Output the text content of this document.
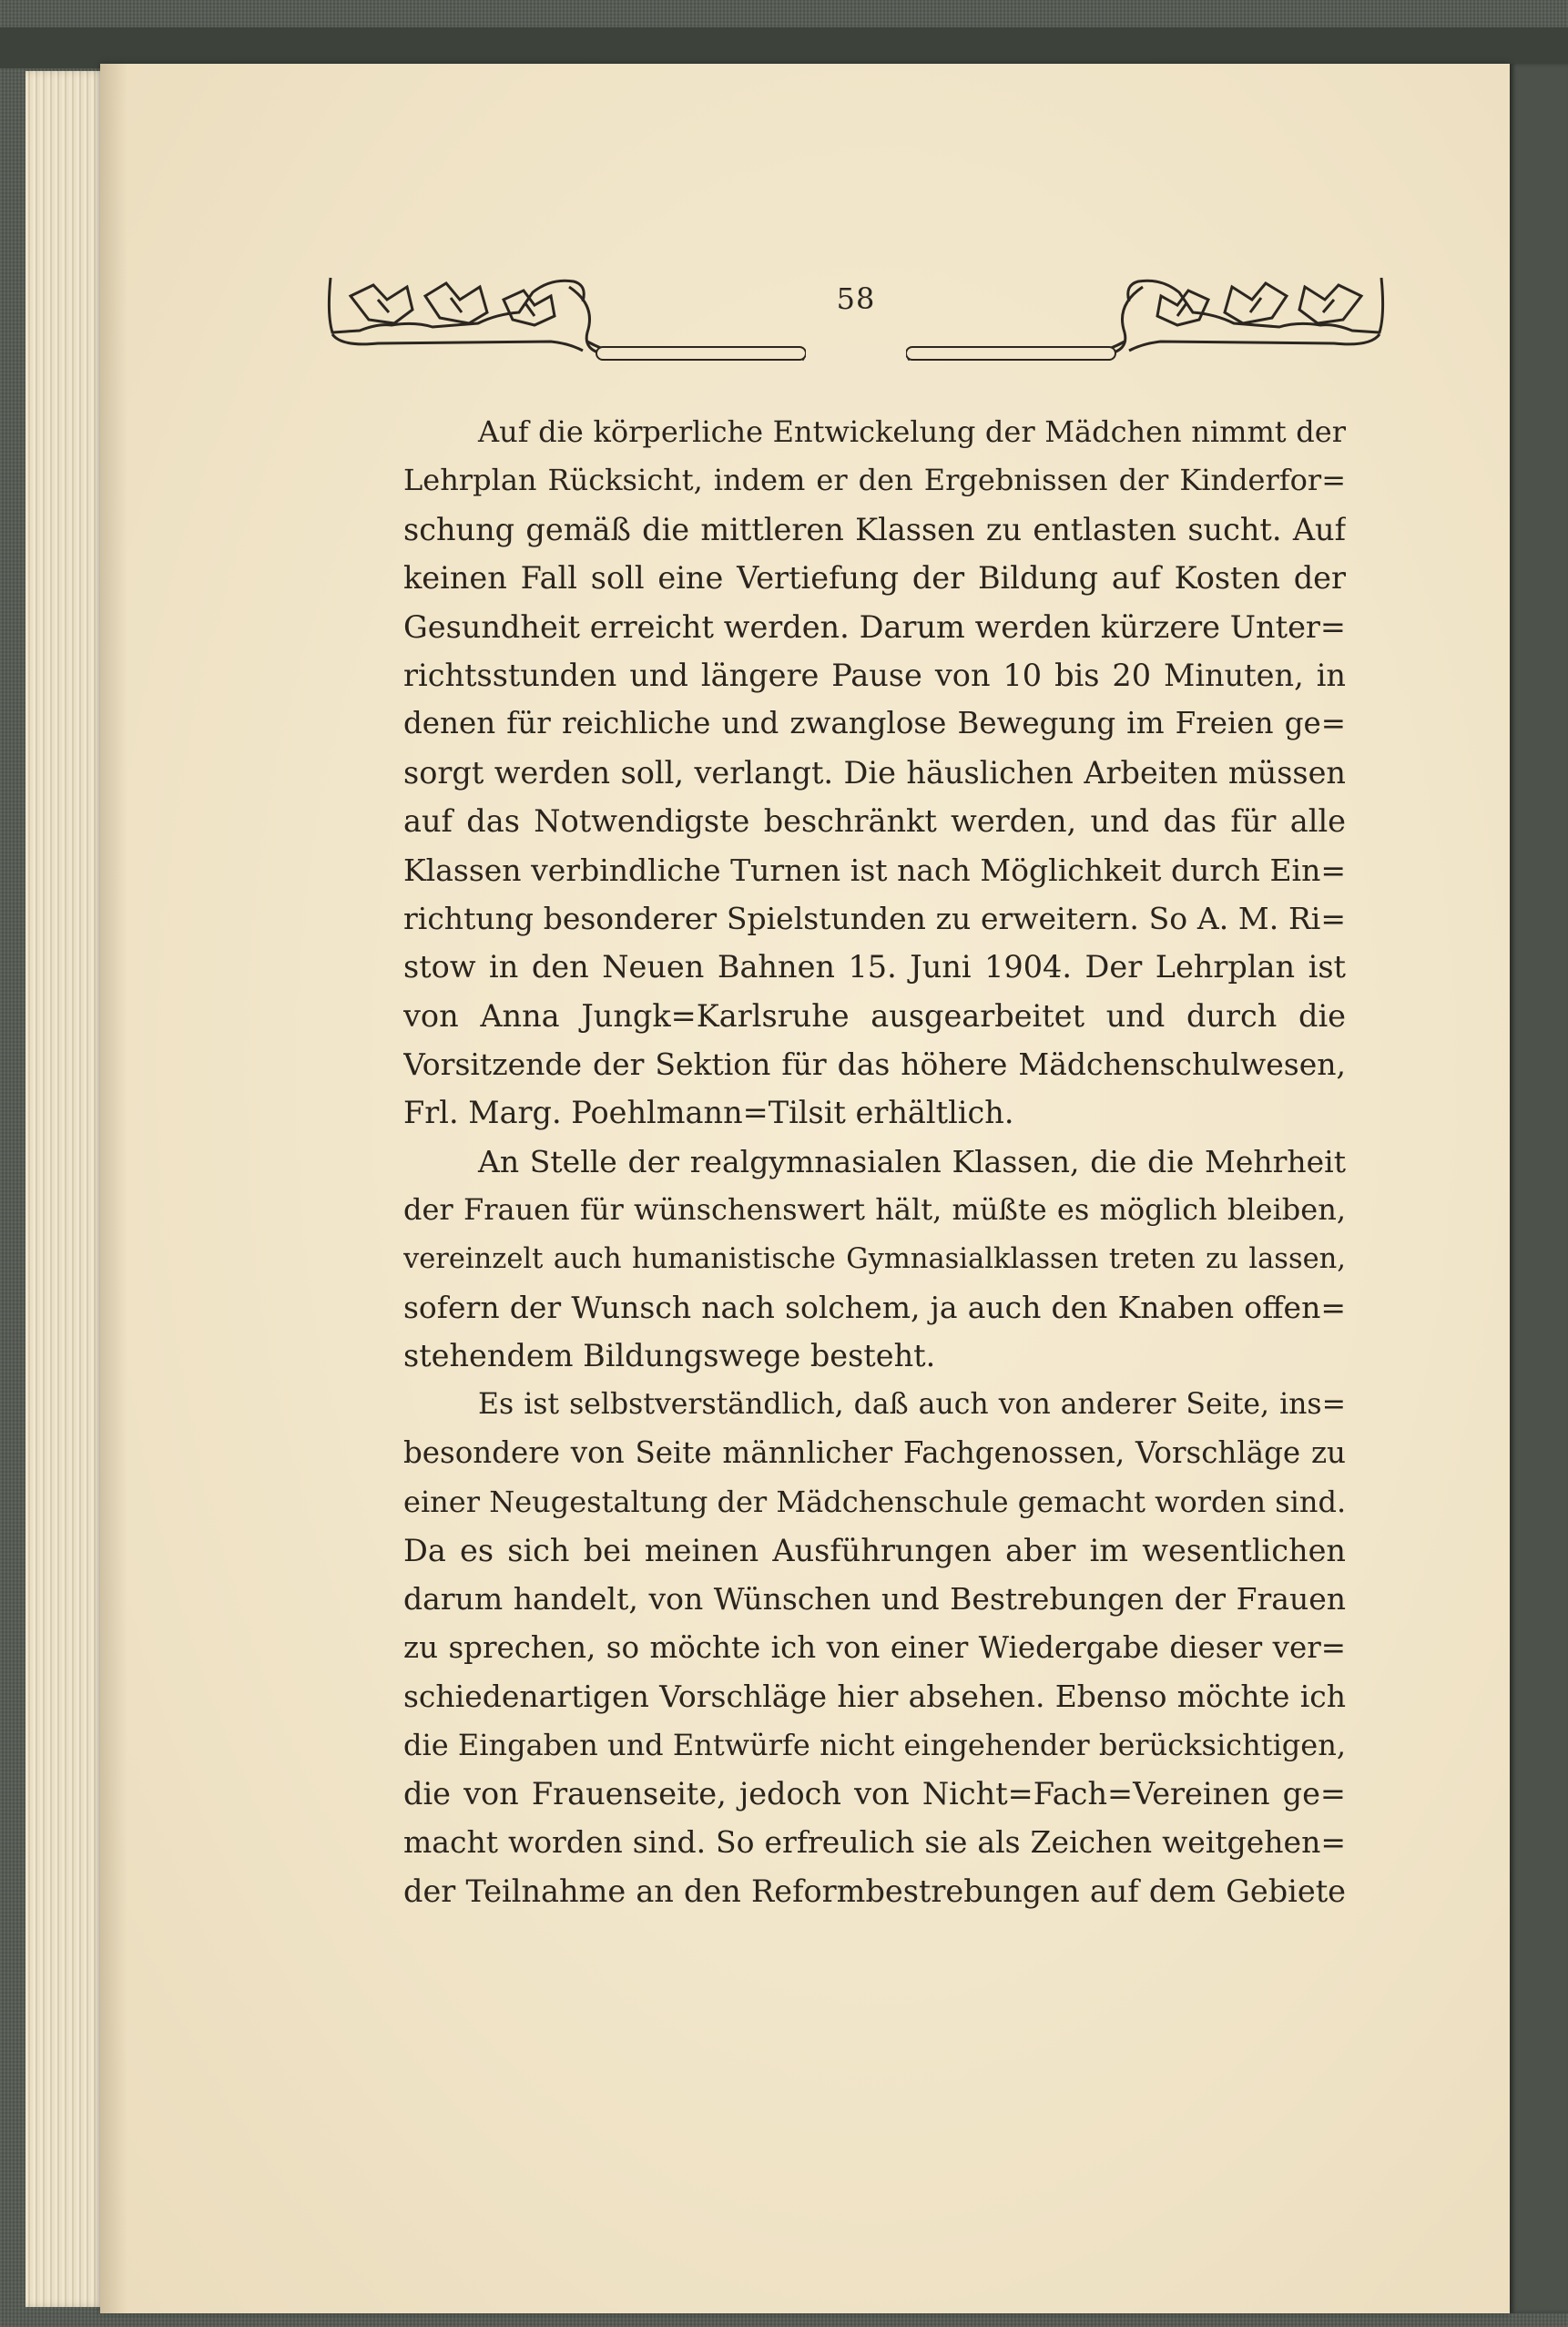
58
Auf die körperliche Entwickelung der Mädchen nimmt der
Lehrplan Rücksicht, indem er den Ergebnissen der Kinderfor=
schung gemäß die mittleren Klassen zu entlasten sucht. Auf
keinen Fall soll eine Vertiefung der Bildung auf Kosten der
Gesundheit erreicht werden. Darum werden kürzere Unter=
richtsstunden und längere Pause von 10 bis 20 Minuten, in
denen für reichliche und zwanglose Bewegung im Freien ge=
sorgt werden soll, verlangt. Die häuslichen Arbeiten müssen
auf das Notwendigste beschränkt werden, und das für alle
Klassen verbindliche Turnen ist nach Möglichkeit durch Ein=
richtung besonderer Spielstunden zu erweitern. So A. M. Ri=
stow in den Neuen Bahnen 15. Juni 1904. Der Lehrplan ist
von Anna Jungk=Karlsruhe ausgearbeitet und durch die
Vorsitzende der Sektion für das höhere Mädchenschulwesen,
Frl. Marg. Poehlmann=Tilsit erhältlich.
An Stelle der realgymnasialen Klassen, die die Mehrheit
der Frauen für wünschenswert hält, müßte es möglich bleiben,
vereinzelt auch humanistische Gymnasialklassen treten zu lassen,
sofern der Wunsch nach solchem, ja auch den Knaben offen=
stehendem Bildungswege besteht.
Es ist selbstverständlich, daß auch von anderer Seite, ins=
besondere von Seite männlicher Fachgenossen, Vorschläge zu
einer Neugestaltung der Mädchenschule gemacht worden sind.
Da es sich bei meinen Ausführungen aber im wesentlichen
darum handelt, von Wünschen und Bestrebungen der Frauen
zu sprechen, so möchte ich von einer Wiedergabe dieser ver=
schiedenartigen Vorschläge hier absehen. Ebenso möchte ich
die Eingaben und Entwürfe nicht eingehender berücksichtigen,
die von Frauenseite, jedoch von Nicht=Fach=Vereinen ge=
macht worden sind. So erfreulich sie als Zeichen weitgehen=
der Teilnahme an den Reformbestrebungen auf dem Gebiete
